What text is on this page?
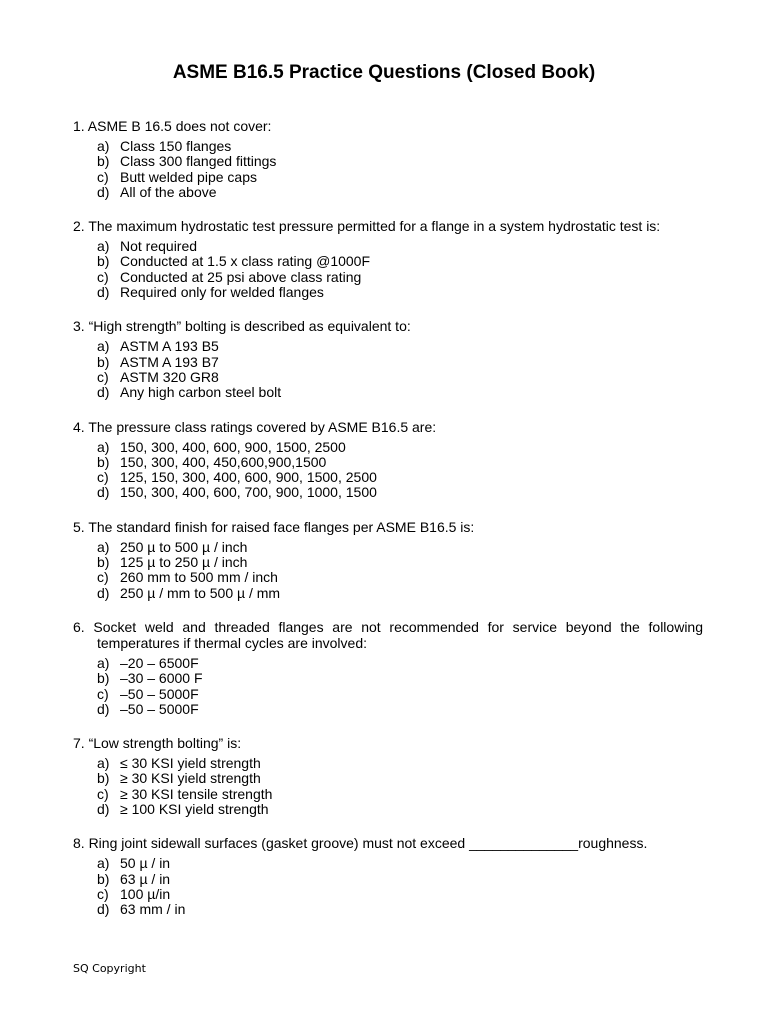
ASME B16.5 Practice Questions (Closed Book)

1. ASME B 16.5 does not cover:

a) Class 150 flanges
b) Class 300 flanged fittings
c) Butt welded pipe caps
d) All of the above

2. The maximum hydrostatic test pressure permitted for a flange in a system hydrostatic test is:

a) Not required
b) Conducted at 1.5 x class rating @1000F
c) Conducted at 25 psi above class rating
d) Required only for welded flanges

3. “High strength” bolting is described as equivalent to:

a) ASTM A 193 B5
b) ASTM A 193 B7
c) ASTM 320 GR8
d) Any high carbon steel bolt

4. The pressure class ratings covered by ASME B16.5 are:

a) 150, 300, 400, 600, 900, 1500, 2500
b) 150, 300, 400, 450,600,900,1500
c) 125, 150, 300, 400, 600, 900, 1500, 2500
d) 150, 300, 400, 600, 700, 900, 1000, 1500

5. The standard finish for raised face flanges per ASME B16.5 is:

a) 250 µ to 500 µ / inch
b) 125 µ to 250 µ / inch
c) 260 mm to 500 mm / inch
d) 250 µ / mm to 500 µ / mm

6. Socket weld and threaded flanges are not recommended for service beyond the following temperatures if thermal cycles are involved:

a) –20 – 6500F
b) –30 – 6000 F
c) –50 – 5000F
d) –50 – 5000F

7. “Low strength bolting” is:

a) ≤ 30 KSI yield strength
b) ≥ 30 KSI yield strength
c) ≥ 30 KSI tensile strength
d) ≥ 100 KSI yield strength

8. Ring joint sidewall surfaces (gasket groove) must not exceed ______________roughness.

a) 50 µ / in
b) 63 µ / in
c) 100 µ/in
d) 63 mm / in
SQ Copyright
